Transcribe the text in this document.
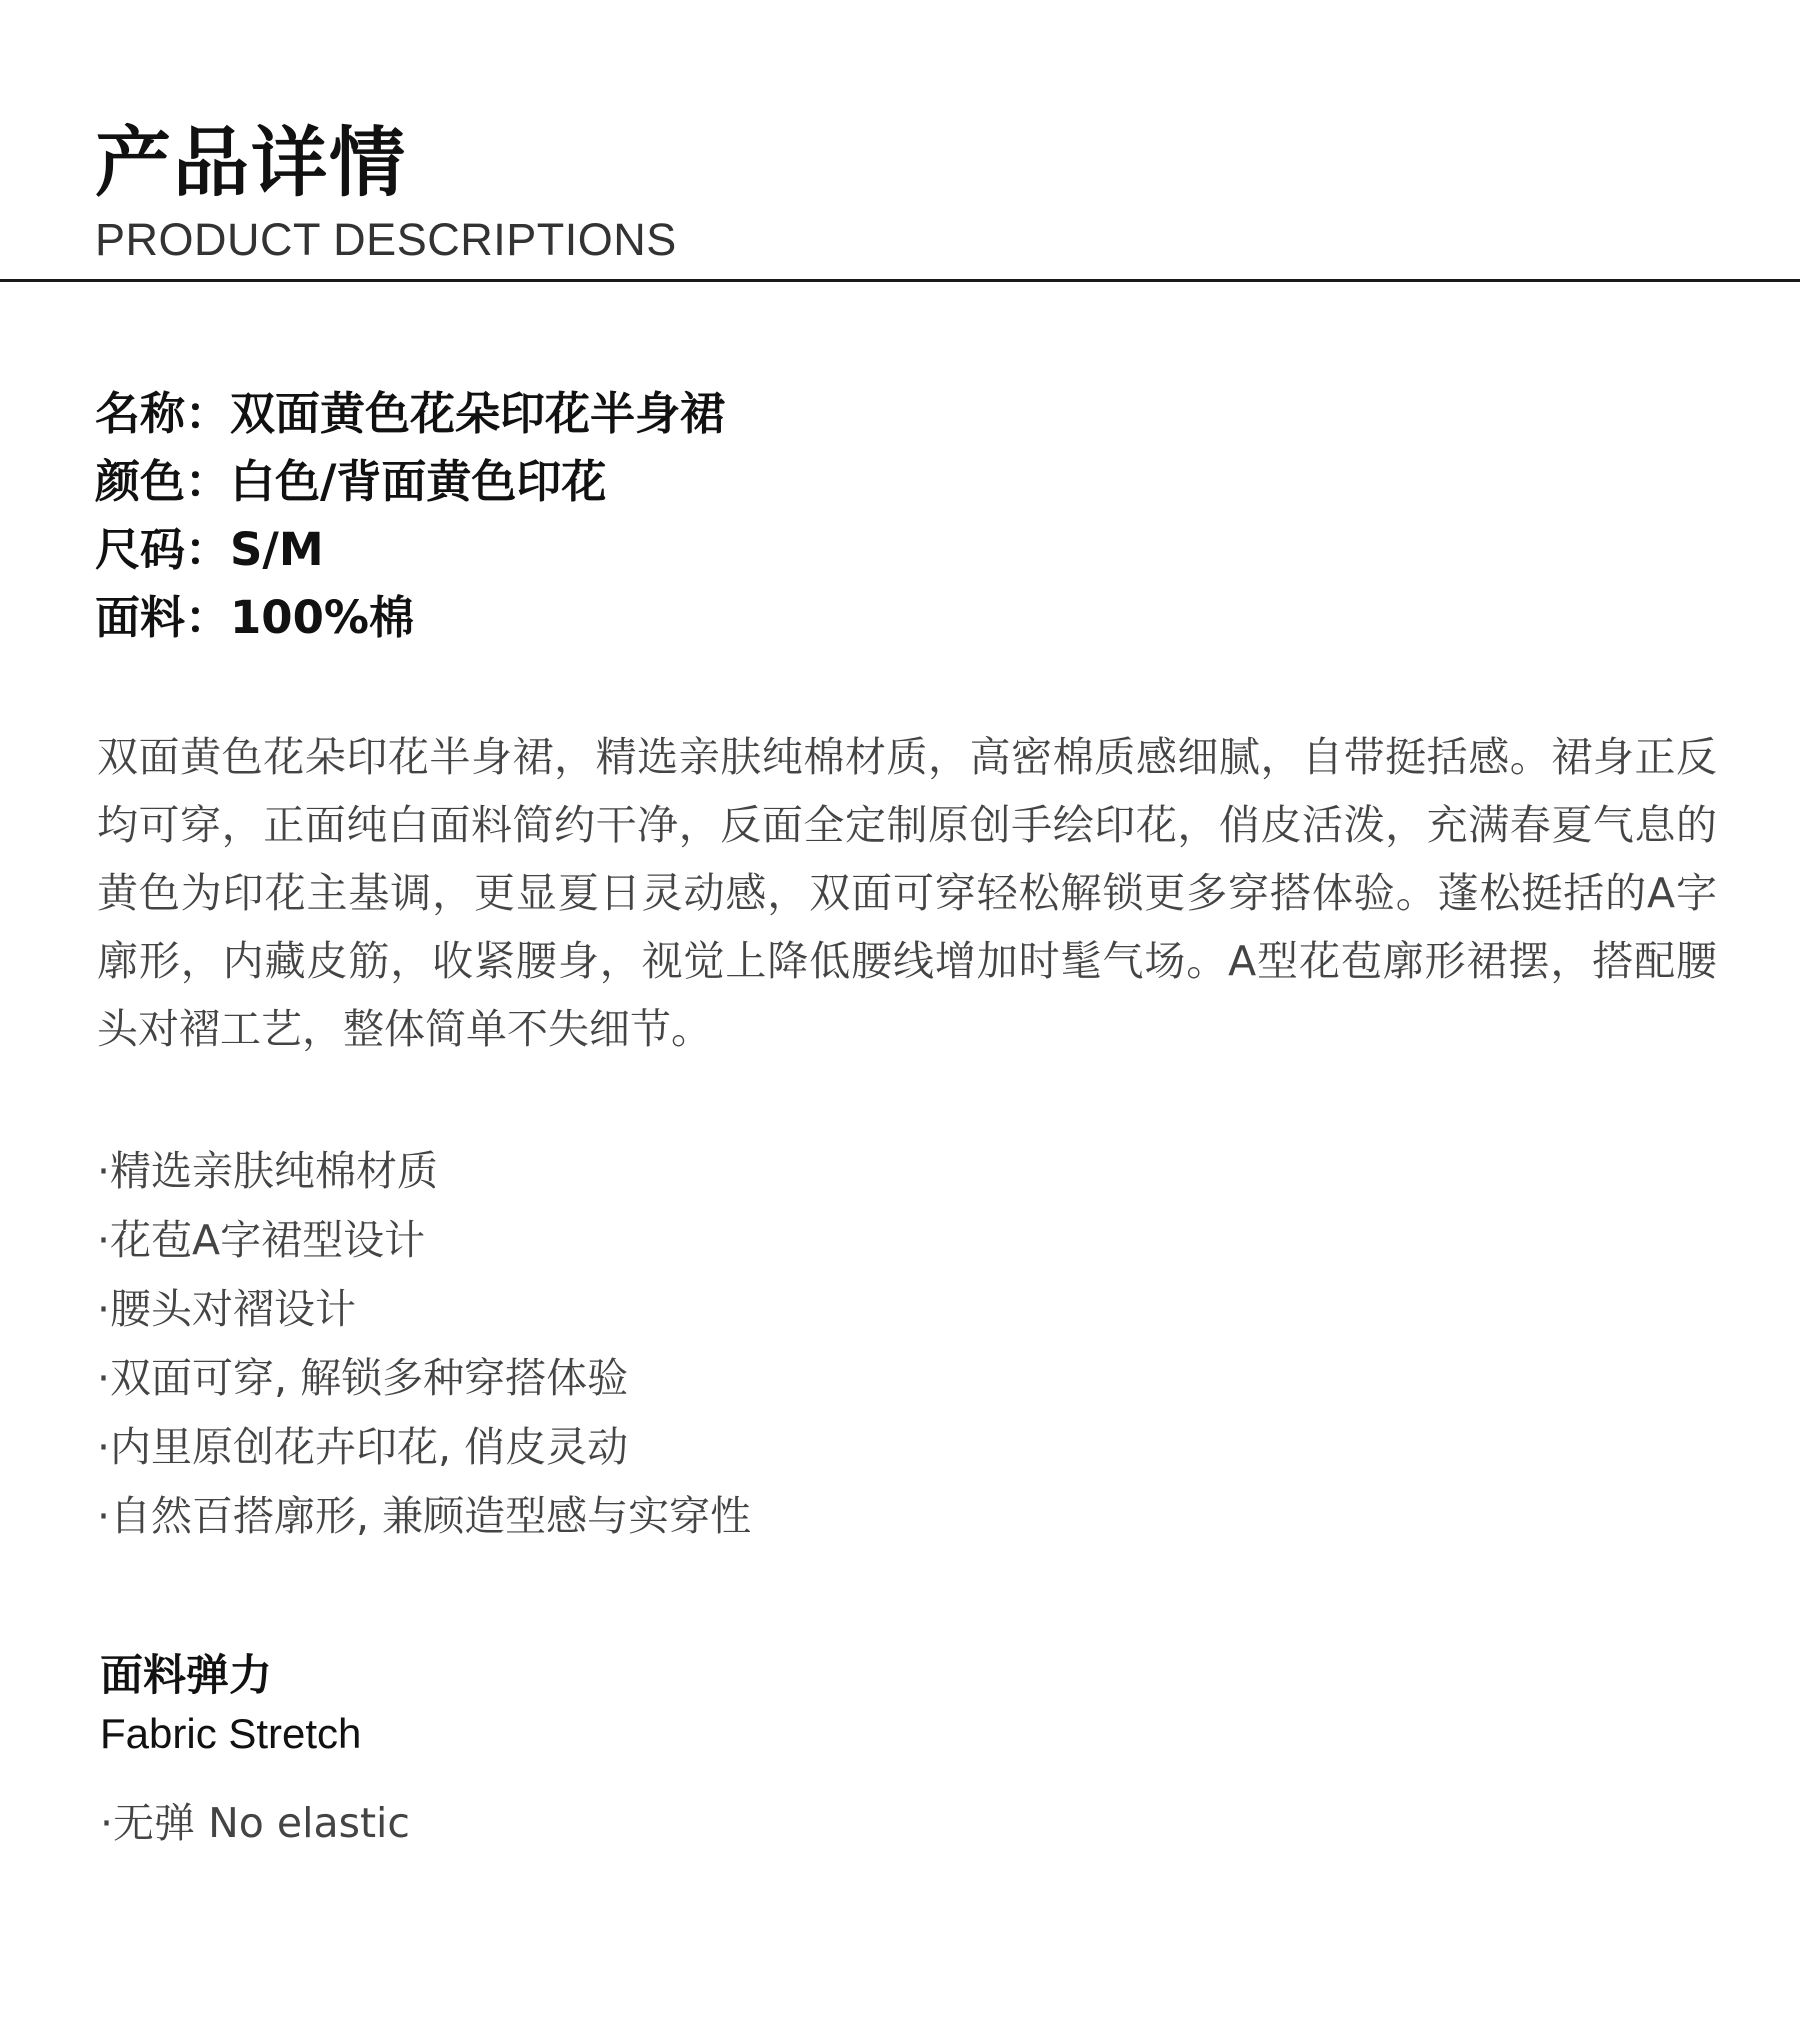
产品详情
PRODUCT DESCRIPTIONS
名称：双面黄色花朵印花半身裙
颜色：白色/背面黄色印花
尺码：S/M
面料：100%棉
双面黄色花朵印花半身裙，精选亲肤纯棉材质，高密棉质感细腻，自带挺括感。裙身正反均可穿，正面纯白面料简约干净，反面全定制原创手绘印花，俏皮活泼，充满春夏气息的黄色为印花主基调，更显夏日灵动感，双面可穿轻松解锁更多穿搭体验。蓬松挺括的A字廓形，内藏皮筋，收紧腰身，视觉上降低腰线增加时髦气场。A型花苞廓形裙摆，搭配腰头对褶工艺，整体简单不失细节。
·精选亲肤纯棉材质
·花苞A字裙型设计
·腰头对褶设计
·双面可穿, 解锁多种穿搭体验
·内里原创花卉印花, 俏皮灵动
·自然百搭廓形, 兼顾造型感与实穿性
面料弹力
Fabric Stretch
·无弹 No elastic
